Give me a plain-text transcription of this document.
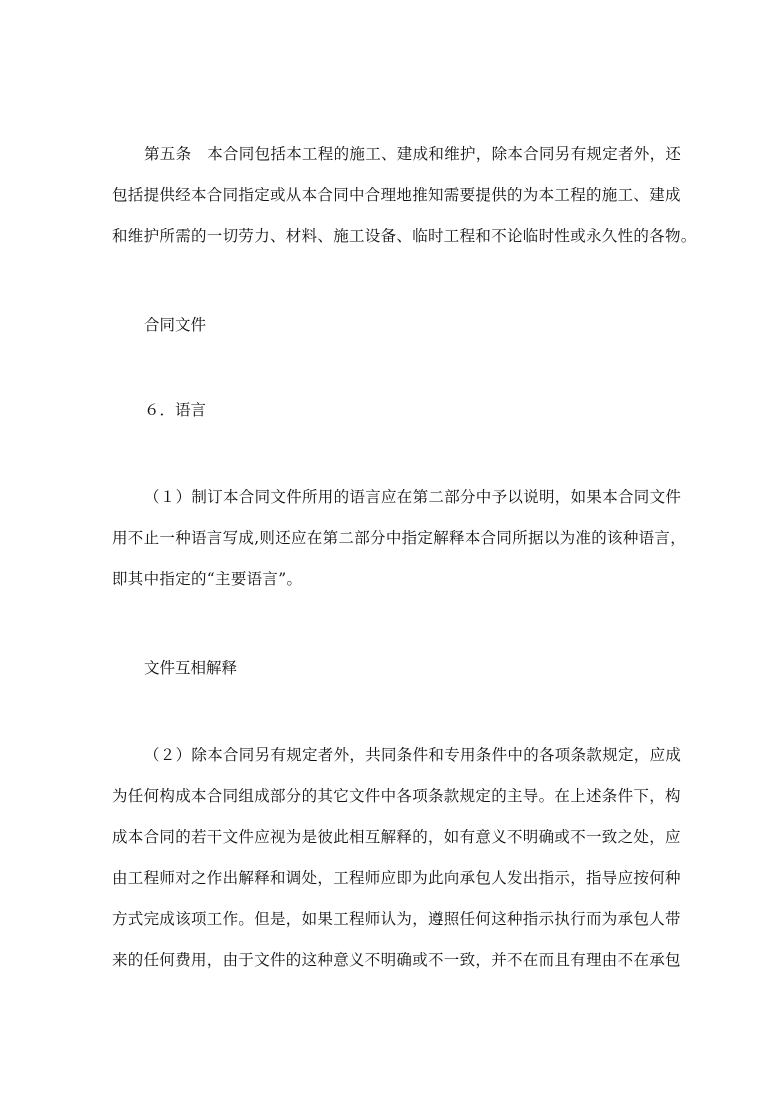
第五条　本合同包括本工程的施工、建成和维护，除本合同另有规定者外，还
包括提供经本合同指定或从本合同中合理地推知需要提供的为本工程的施工、建成
和维护所需的一切劳力、材料、施工设备、临时工程和不论临时性或永久性的各物。

合同文件

６．语言

（１）制订本合同文件所用的语言应在第二部分中予以说明，如果本合同文件
用不止一种语言写成,则还应在第二部分中指定解释本合同所据以为准的该种语言，
即其中指定的“主要语言”。

文件互相解释

（２）除本合同另有规定者外，共同条件和专用条件中的各项条款规定，应成
为任何构成本合同组成部分的其它文件中各项条款规定的主导。在上述条件下，构
成本合同的若干文件应视为是彼此相互解释的，如有意义不明确或不一致之处，应
由工程师对之作出解释和调处，工程师应即为此向承包人发出指示，指导应按何种
方式完成该项工作。但是，如果工程师认为，遵照任何这种指示执行而为承包人带
来的任何费用，由于文件的这种意义不明确或不一致，并不在而且有理由不在承包
